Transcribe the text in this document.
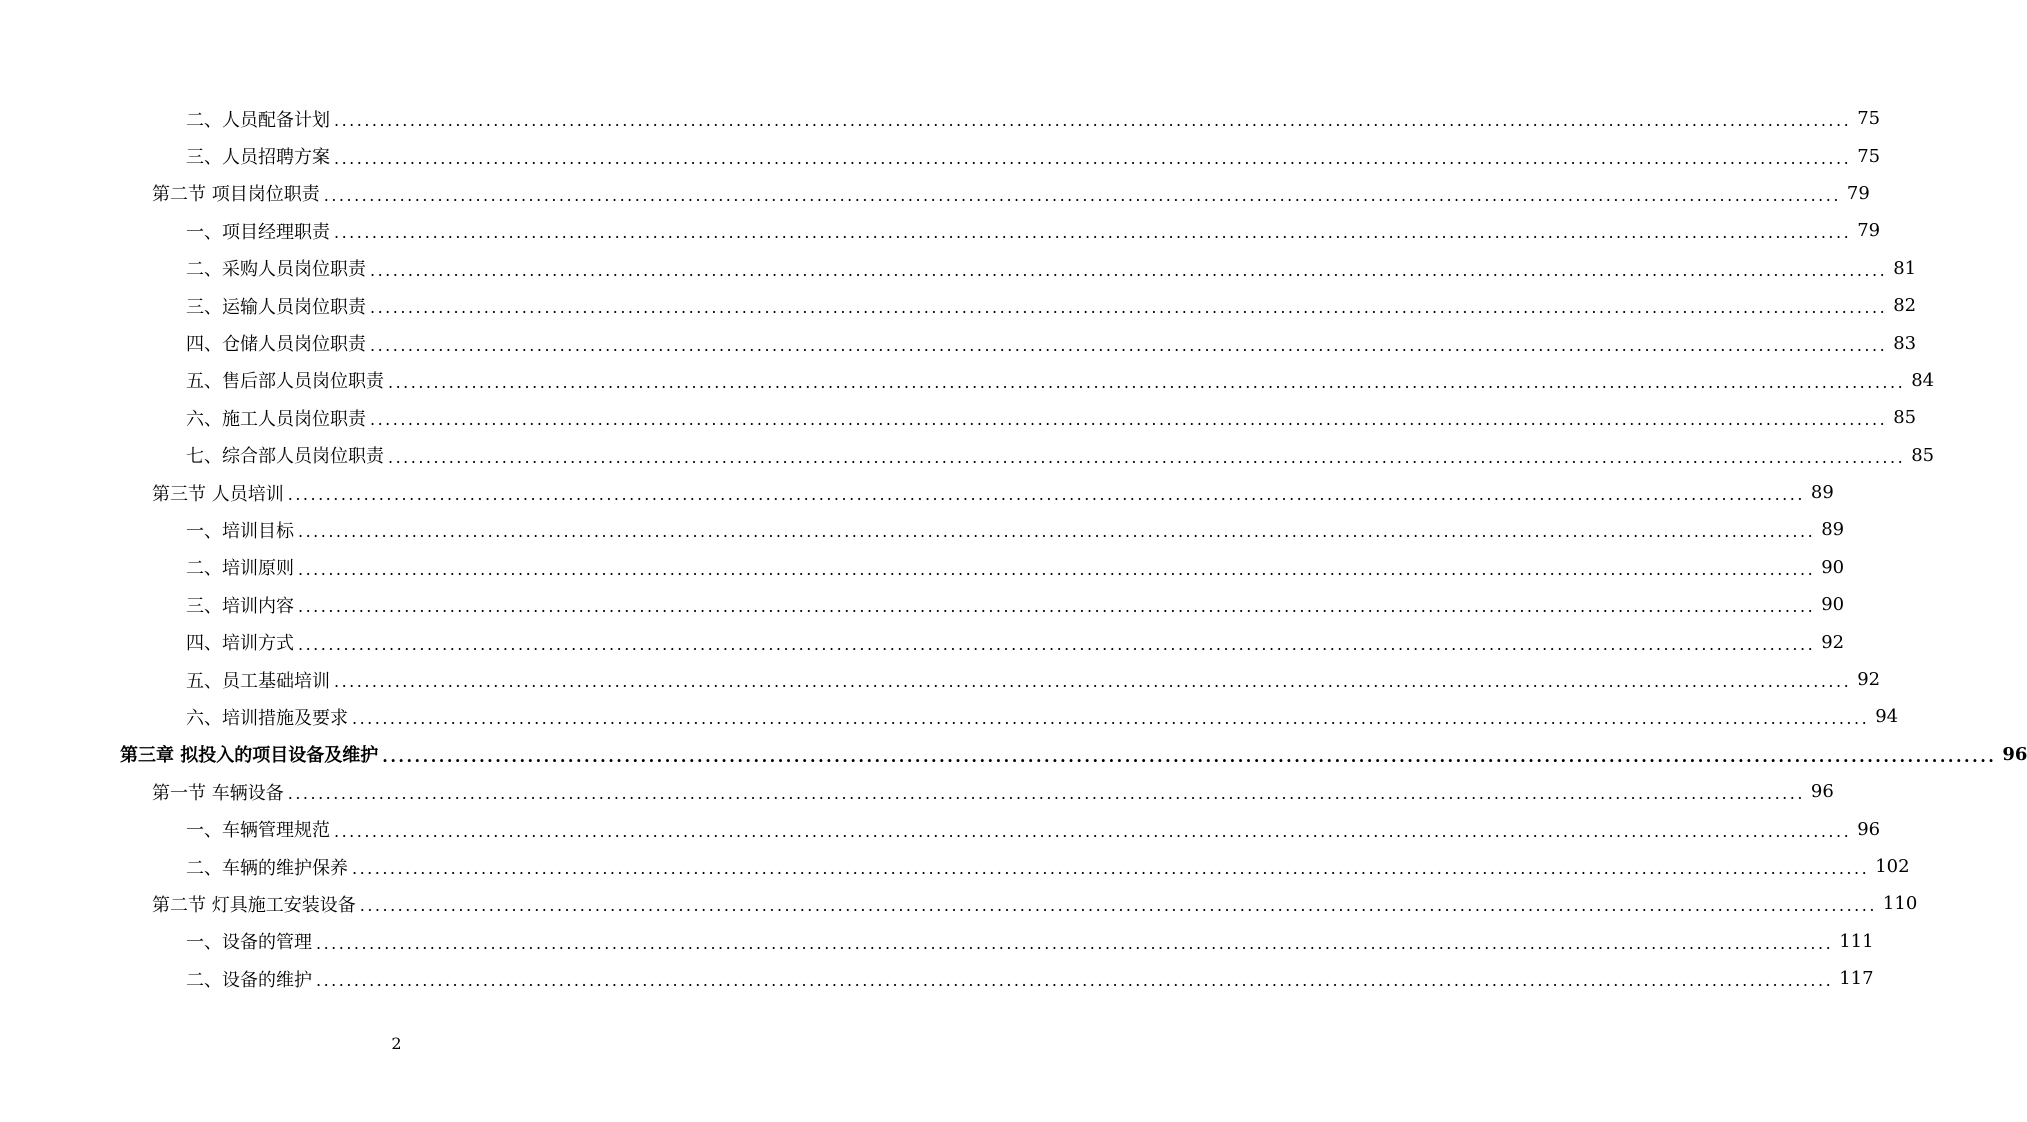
二、人员配备计划 ........................................................................................................................................................................................................ 75
三、人员招聘方案 ........................................................................................................................................................................................................ 75
第二节 项目岗位职责 ........................................................................................................................................................................................................ 79
一、项目经理职责 ........................................................................................................................................................................................................ 79
二、采购人员岗位职责 ........................................................................................................................................................................................................ 81
三、运输人员岗位职责 ........................................................................................................................................................................................................ 82
四、仓储人员岗位职责 ........................................................................................................................................................................................................ 83
五、售后部人员岗位职责 ........................................................................................................................................................................................................ 84
六、施工人员岗位职责 ........................................................................................................................................................................................................ 85
七、综合部人员岗位职责 ........................................................................................................................................................................................................ 85
第三节 人员培训 ........................................................................................................................................................................................................ 89
一、培训目标 ........................................................................................................................................................................................................ 89
二、培训原则 ........................................................................................................................................................................................................ 90
三、培训内容 ........................................................................................................................................................................................................ 90
四、培训方式 ........................................................................................................................................................................................................ 92
五、员工基础培训 ........................................................................................................................................................................................................ 92
六、培训措施及要求 ........................................................................................................................................................................................................ 94
第三章 拟投入的项目设备及维护 ........................................................................................................................................................................................................ 96
第一节 车辆设备 ........................................................................................................................................................................................................ 96
一、车辆管理规范 ........................................................................................................................................................................................................ 96
二、车辆的维护保养 ........................................................................................................................................................................................................ 102
第二节 灯具施工安装设备 ........................................................................................................................................................................................................ 110
一、设备的管理 ........................................................................................................................................................................................................ 111
二、设备的维护 ........................................................................................................................................................................................................ 117
2
